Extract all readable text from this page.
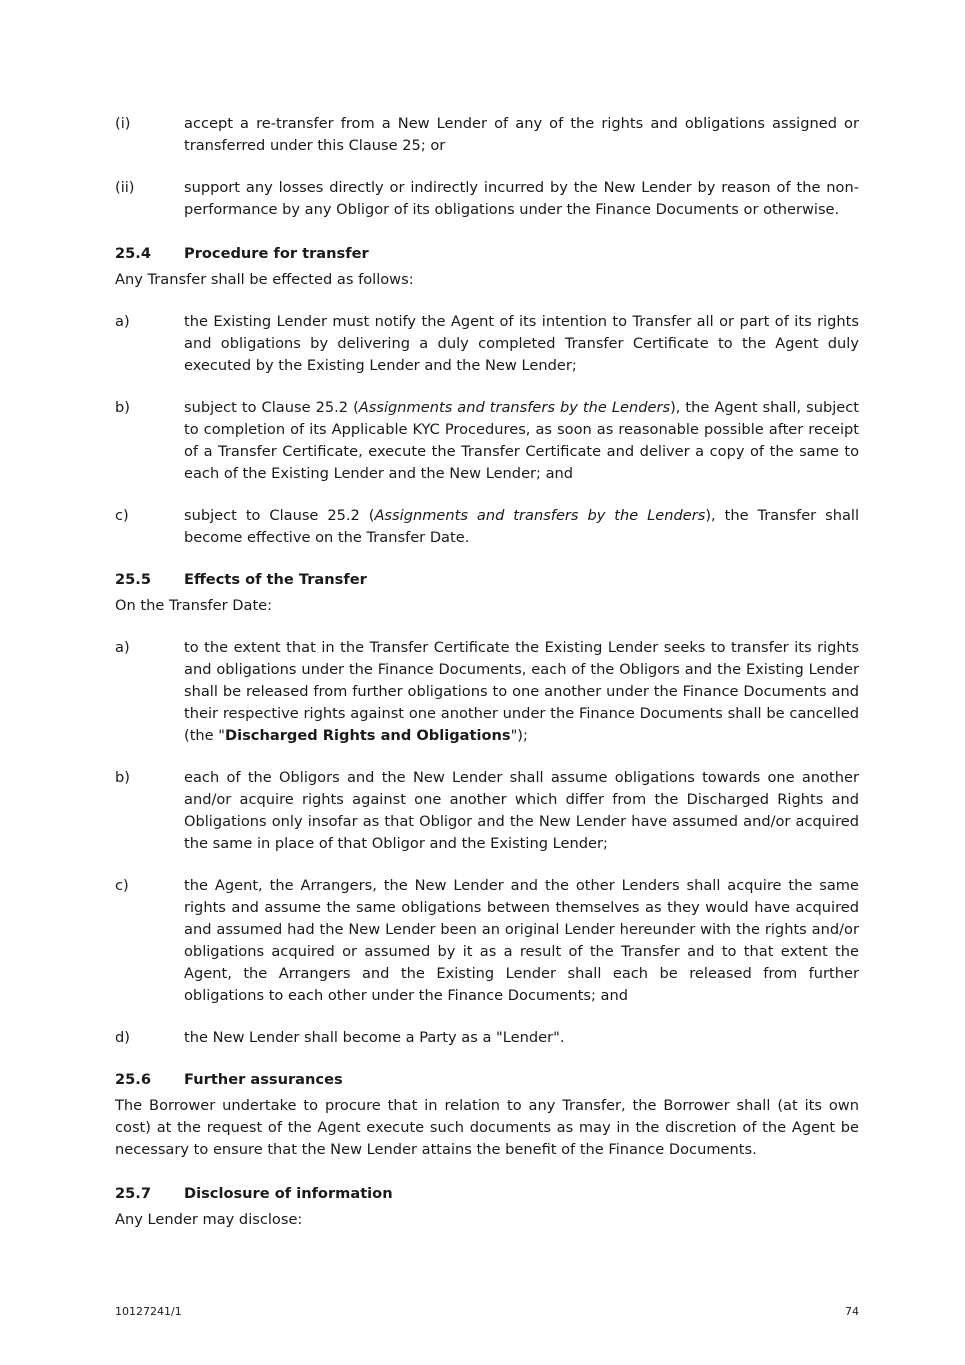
(i)	accept a re-transfer from a New Lender of any of the rights and obligations assigned or transferred under this Clause 25; or
(ii)	support any losses directly or indirectly incurred by the New Lender by reason of the non-performance by any Obligor of its obligations under the Finance Documents or otherwise.
25.4	Procedure for transfer
Any Transfer shall be effected as follows:
a)	the Existing Lender must notify the Agent of its intention to Transfer all or part of its rights and obligations by delivering a duly completed Transfer Certificate to the Agent duly executed by the Existing Lender and the New Lender;
b)	subject to Clause 25.2 (Assignments and transfers by the Lenders), the Agent shall, subject to completion of its Applicable KYC Procedures, as soon as reasonable possible after receipt of a Transfer Certificate, execute the Transfer Certificate and deliver a copy of the same to each of the Existing Lender and the New Lender; and
c)	subject to Clause 25.2 (Assignments and transfers by the Lenders), the Transfer shall become effective on the Transfer Date.
25.5	Effects of the Transfer
On the Transfer Date:
a)	to the extent that in the Transfer Certificate the Existing Lender seeks to transfer its rights and obligations under the Finance Documents, each of the Obligors and the Existing Lender shall be released from further obligations to one another under the Finance Documents and their respective rights against one another under the Finance Documents shall be cancelled (the "Discharged Rights and Obligations");
b)	each of the Obligors and the New Lender shall assume obligations towards one another and/or acquire rights against one another which differ from the Discharged Rights and Obligations only insofar as that Obligor and the New Lender have assumed and/or acquired the same in place of that Obligor and the Existing Lender;
c)	the Agent, the Arrangers, the New Lender and the other Lenders shall acquire the same rights and assume the same obligations between themselves as they would have acquired and assumed had the New Lender been an original Lender hereunder with the rights and/or obligations acquired or assumed by it as a result of the Transfer and to that extent the Agent, the Arrangers and the Existing Lender shall each be released from further obligations to each other under the Finance Documents; and
d)	the New Lender shall become a Party as a "Lender".
25.6	Further assurances
The Borrower undertake to procure that in relation to any Transfer, the Borrower shall (at its own cost) at the request of the Agent execute such documents as may in the discretion of the Agent be necessary to ensure that the New Lender attains the benefit of the Finance Documents.
25.7	Disclosure of information
Any Lender may disclose:
10127241/1	74
